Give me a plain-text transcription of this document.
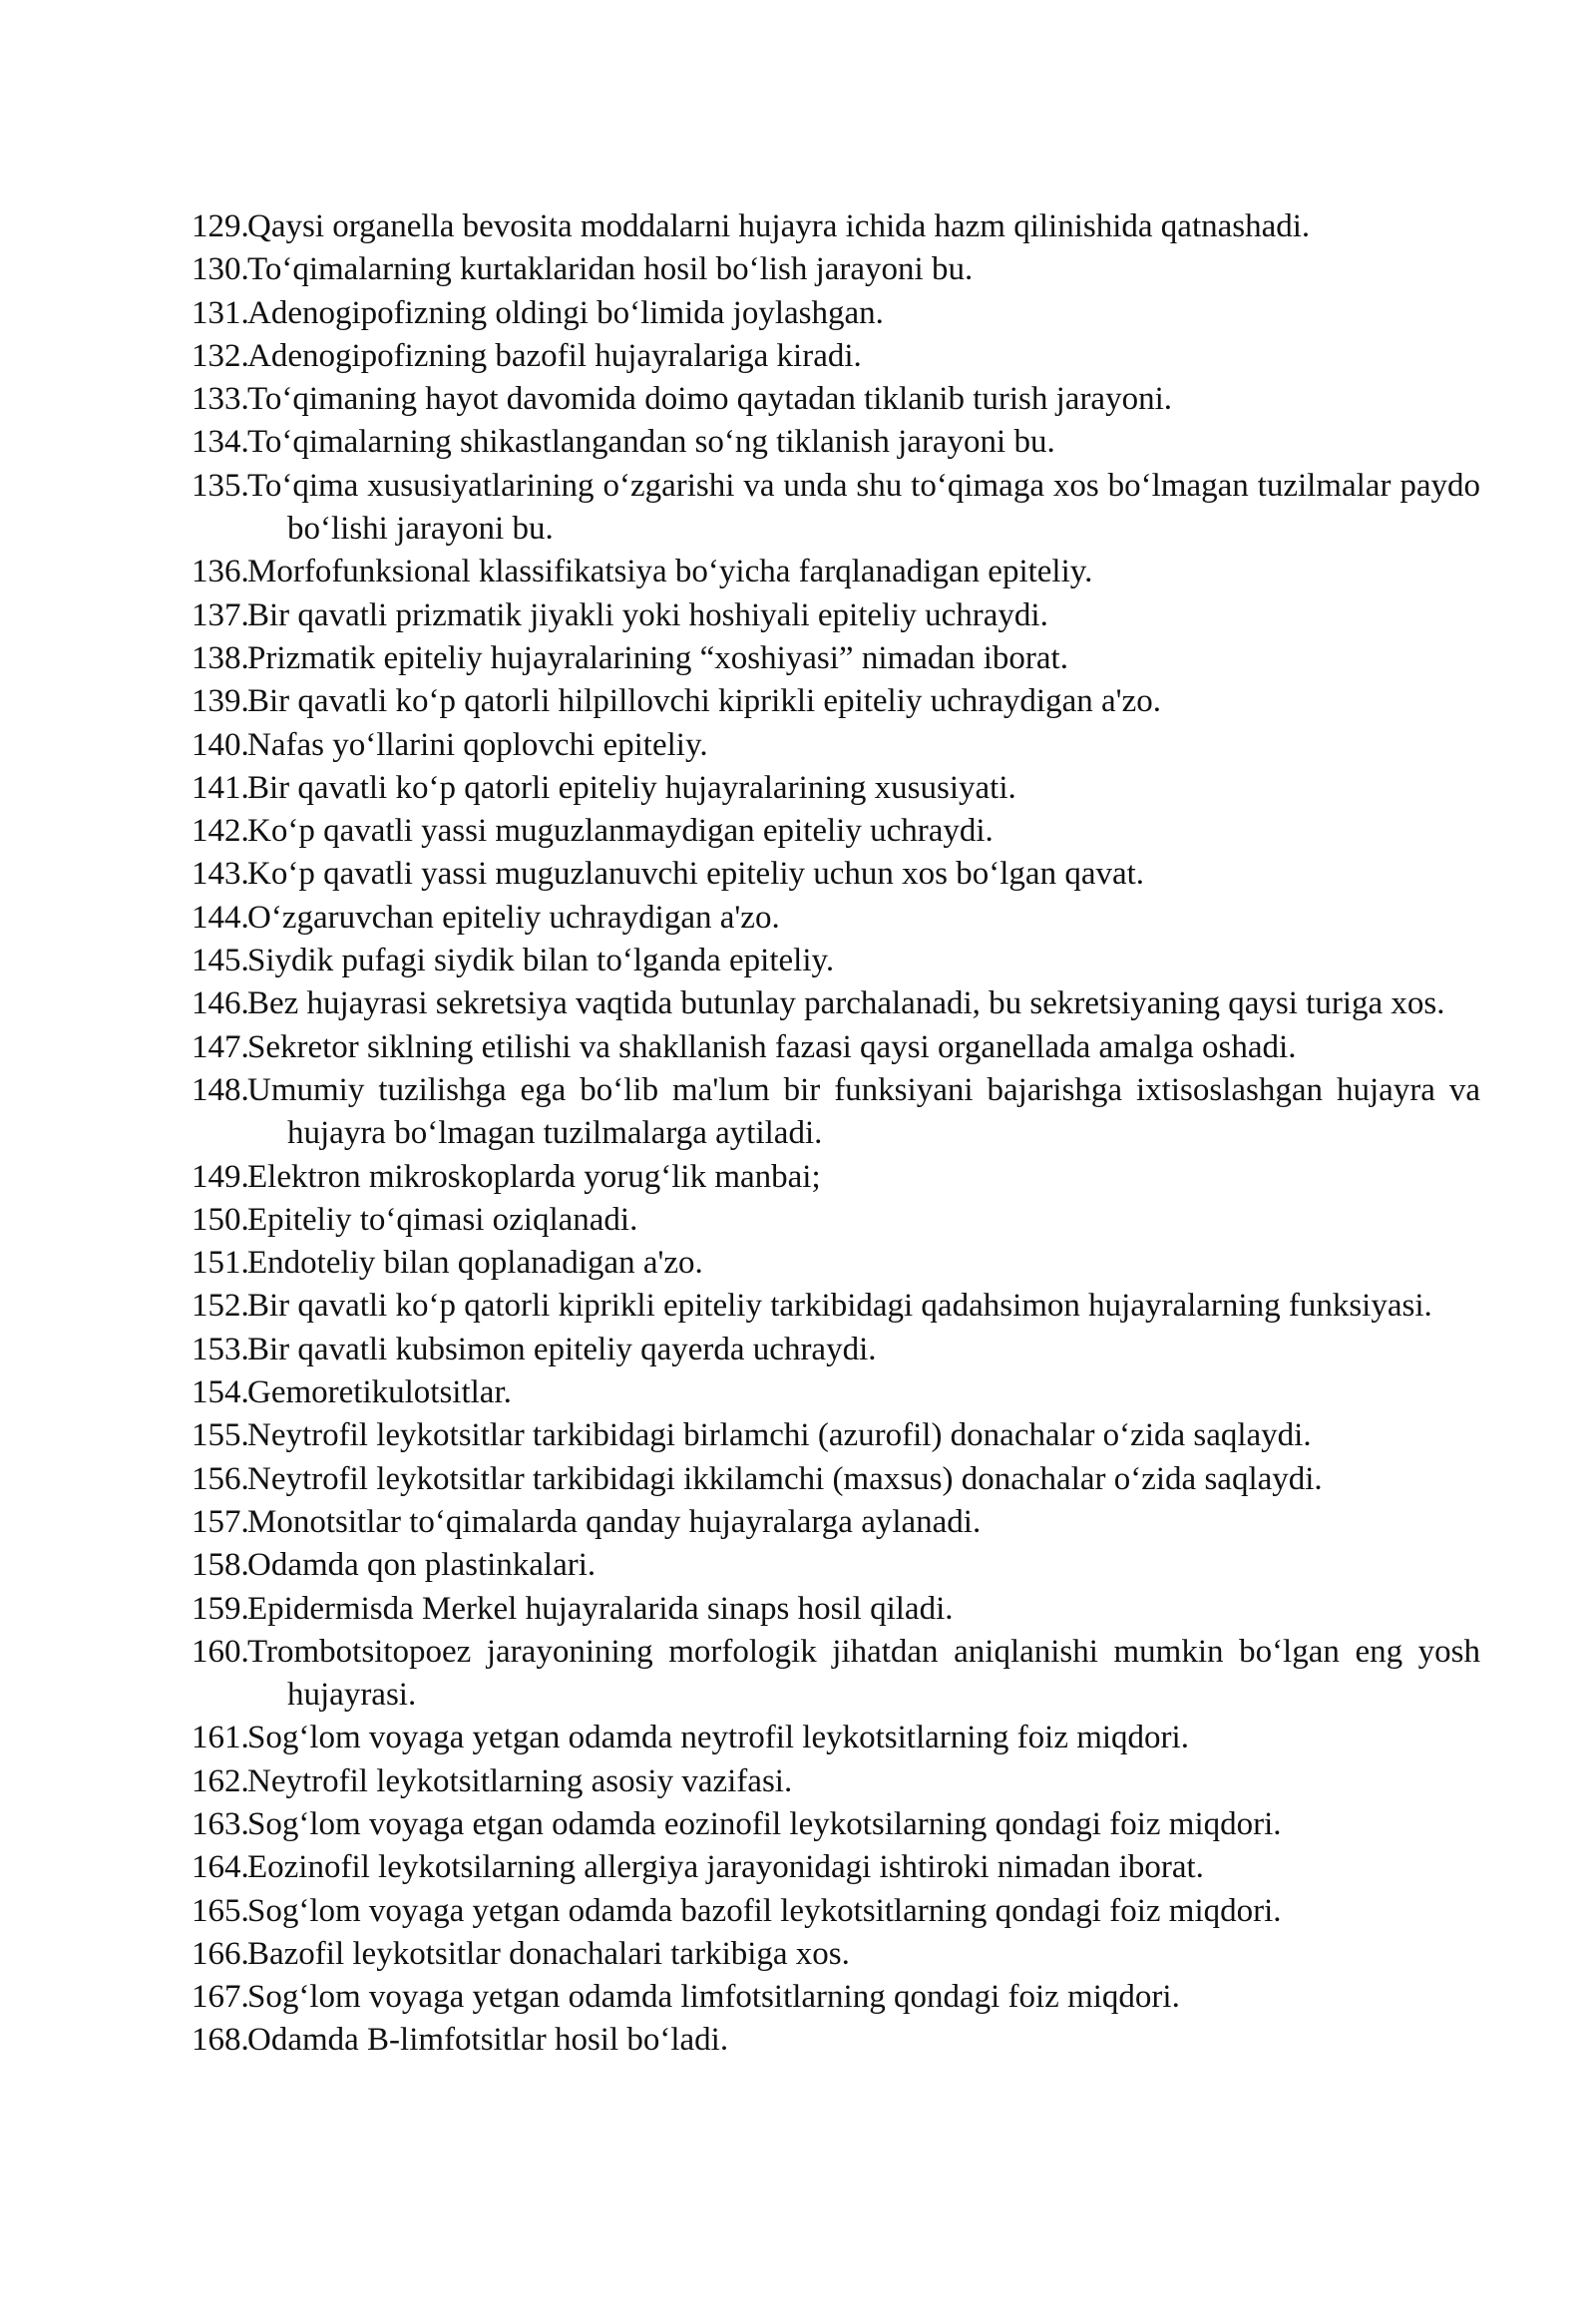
129.
Qaysi organella bevosita moddalarni hujayra ichida hazm qilinishida qatnashadi.
130.
To‘qimalarning kurtaklaridan hosil bo‘lish jarayoni bu.
131.
Adenogipofizning oldingi bo‘limida joylashgan.
132.
Adenogipofizning bazofil hujayralariga kiradi.
133.
To‘qimaning hayot davomida doimo qaytadan tiklanib turish jarayoni.
134.
To‘qimalarning shikastlangandan so‘ng tiklanish jarayoni bu.
135.
To‘qima xususiyatlarining o‘zgarishi va unda shu to‘qimaga xos bo‘lmagan tuzilmalar paydo bo‘lishi jarayoni bu.
136.
Morfofunksional klassifikatsiya bo‘yicha farqlanadigan epiteliy.
137.
Bir qavatli prizmatik jiyakli yoki hoshiyali epiteliy uchraydi.
138.
Prizmatik epiteliy hujayralarining “xoshiyasi” nimadan iborat.
139.
Bir qavatli ko‘p qatorli hilpillovchi kiprikli epiteliy uchraydigan a'zo.
140.
Nafas yo‘llarini qoplovchi epiteliy.
141.
Bir qavatli ko‘p qatorli epiteliy hujayralarining xususiyati.
142.
Ko‘p qavatli yassi muguzlanmaydigan epiteliy uchraydi.
143.
Ko‘p qavatli yassi muguzlanuvchi epiteliy uchun xos bo‘lgan qavat.
144.
O‘zgaruvchan epiteliy uchraydigan a'zo.
145.
Siydik pufagi siydik bilan to‘lganda epiteliy.
146.
Bez hujayrasi sekretsiya vaqtida butunlay parchalanadi, bu sekretsiyaning qaysi turiga xos.
147.
Sekretor siklning etilishi va shakllanish fazasi qaysi organellada amalga oshadi.
148.
Umumiy tuzilishga ega bo‘lib ma'lum bir funksiyani bajarishga ixtisoslashgan hujayra va hujayra bo‘lmagan tuzilmalarga aytiladi.
149.
Elektron mikroskoplarda yorug‘lik manbai;
150.
Epiteliy to‘qimasi oziqlanadi.
151.
Endoteliy bilan qoplanadigan a'zo.
152.
Bir qavatli ko‘p qatorli kiprikli epiteliy tarkibidagi qadahsimon hujayralarning funksiyasi.
153.
Bir qavatli kubsimon epiteliy qayerda uchraydi.
154.
Gemoretikulotsitlar.
155.
Neytrofil leykotsitlar tarkibidagi birlamchi (azurofil) donachalar o‘zida saqlaydi.
156.
Neytrofil leykotsitlar tarkibidagi ikkilamchi (maxsus) donachalar o‘zida saqlaydi.
157.
Monotsitlar to‘qimalarda qanday hujayralarga aylanadi.
158.
Odamda qon plastinkalari.
159.
Epidermisda Merkel hujayralarida sinaps hosil qiladi.
160.
Trombotsitopoez jarayonining morfologik jihatdan aniqlanishi mumkin bo‘lgan eng yosh hujayrasi.
161.
Sog‘lom voyaga yetgan odamda neytrofil leykotsitlarning foiz miqdori.
162.
Neytrofil leykotsitlarning asosiy vazifasi.
163.
Sog‘lom voyaga etgan odamda eozinofil leykotsilarning qondagi foiz miqdori.
164.
Eozinofil leykotsilarning allergiya jarayonidagi ishtiroki nimadan iborat.
165.
Sog‘lom voyaga yetgan odamda bazofil leykotsitlarning qondagi foiz miqdori.
166.
Bazofil leykotsitlar donachalari tarkibiga xos.
167.
Sog‘lom voyaga yetgan odamda limfotsitlarning qondagi foiz miqdori.
168.
Odamda B-limfotsitlar hosil bo‘ladi.
